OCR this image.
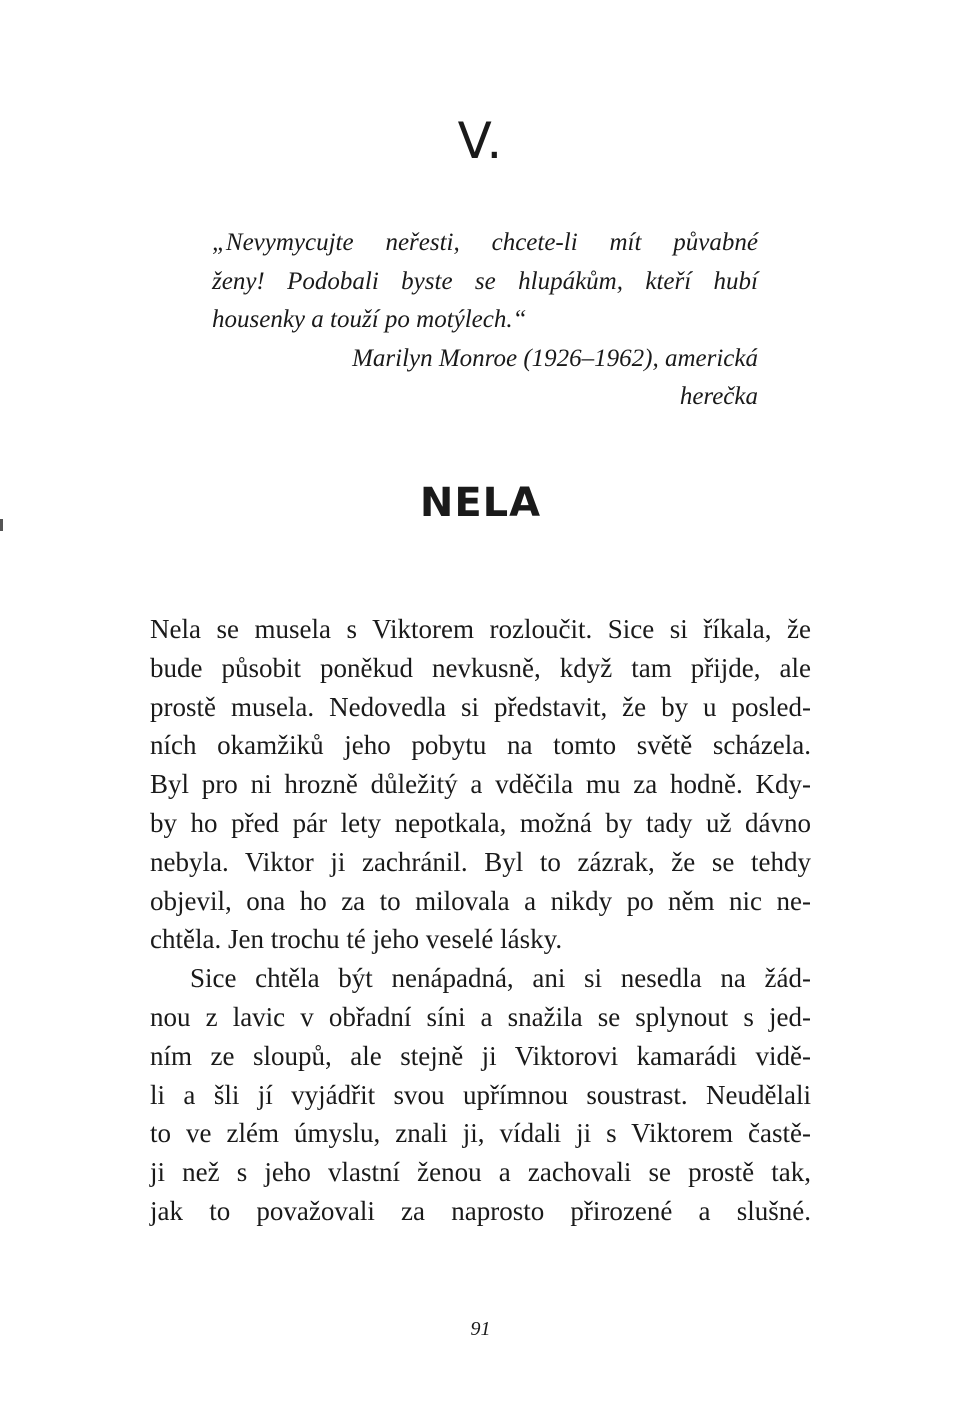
V.
„Nevymycujte neřesti, chcete-li mít půvabné
ženy! Podobali byste se hlupákům, kteří hubí
housenky a touží po motýlech.“
Marilyn Monroe (1926–1962), americká
herečka
NELA
Nela se musela s Viktorem rozloučit. Sice si říkala, že
bude působit poněkud nevkusně, když tam přijde, ale
prostě musela. Nedovedla si představit, že by u posled-
ních okamžiků jeho pobytu na tomto světě scházela.
Byl pro ni hrozně důležitý a vděčila mu za hodně. Kdy-
by ho před pár lety nepotkala, možná by tady už dávno
nebyla. Viktor ji zachránil. Byl to zázrak, že se tehdy
objevil, ona ho za to milovala a nikdy po něm nic ne-
chtěla. Jen trochu té jeho veselé lásky.
Sice chtěla být nenápadná, ani si nesedla na žád-
nou z lavic v obřadní síni a snažila se splynout s jed-
ním ze sloupů, ale stejně ji Viktorovi kamarádi vidě-
li a šli jí vyjádřit svou upřímnou soustrast. Neudělali
to ve zlém úmyslu, znali ji, vídali ji s Viktorem častě-
ji než s jeho vlastní ženou a zachovali se prostě tak,
jak to považovali za naprosto přirozené a slušné.
91
